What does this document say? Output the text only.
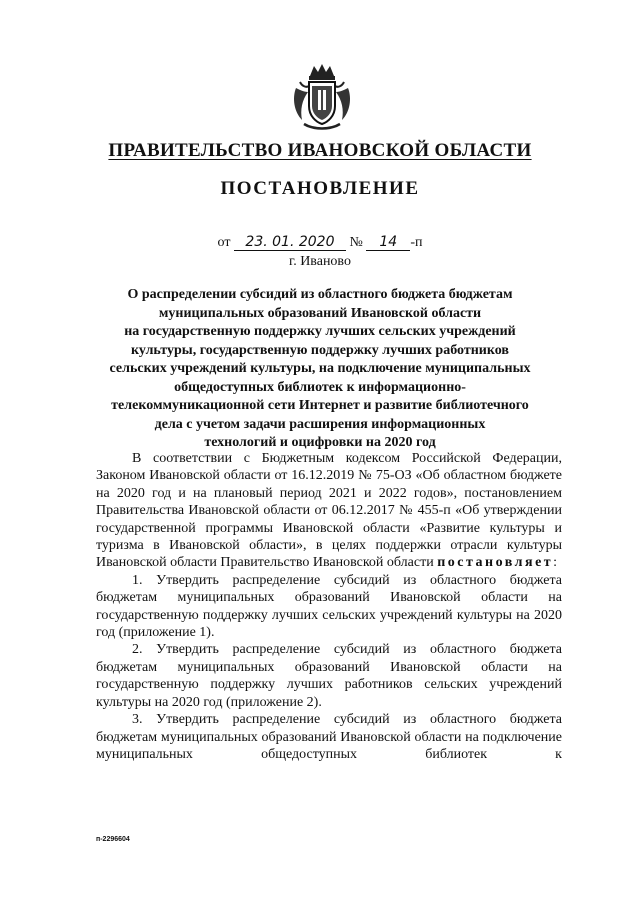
ПРАВИТЕЛЬСТВО ИВАНОВСКОЙ ОБЛАСТИ
ПОСТАНОВЛЕНИЕ
от 23. 01. 2020 № 14 -п
г. Иваново
О распределении субсидий из областного бюджета бюджетам
муниципальных образований Ивановской области
на государственную поддержку лучших сельских учреждений
культуры, государственную поддержку лучших работников
сельских учреждений культуры, на подключение муниципальных
общедоступных библиотек к информационно-
телекоммуникационной сети Интернет и развитие библиотечного
дела с учетом задачи расширения информационных
технологий и оцифровки на 2020 год

В соответствии с Бюджетным кодексом Российской Федерации, Законом Ивановской области от 16.12.2019 № 75-ОЗ «Об областном бюджете на 2020 год и на плановый период 2021 и 2022 годов», постановлением Правительства Ивановской области от 06.12.2017 № 455-п «Об утверждении государственной программы Ивановской области «Развитие культуры и туризма в Ивановской области», в целях поддержки отрасли культуры Ивановской области Правительство Ивановской области постановляет:

1. Утвердить распределение субсидий из областного бюджета бюджетам муниципальных образований Ивановской области на государственную поддержку лучших сельских учреждений культуры на 2020 год (приложение 1).

2. Утвердить распределение субсидий из областного бюджета бюджетам муниципальных образований Ивановской области на государственную поддержку лучших работников сельских учреждений культуры на 2020 год (приложение 2).

3. Утвердить распределение субсидий из областного бюджета бюджетам муниципальных образований Ивановской области на подключение муниципальных общедоступных библиотек к

п-2296604
